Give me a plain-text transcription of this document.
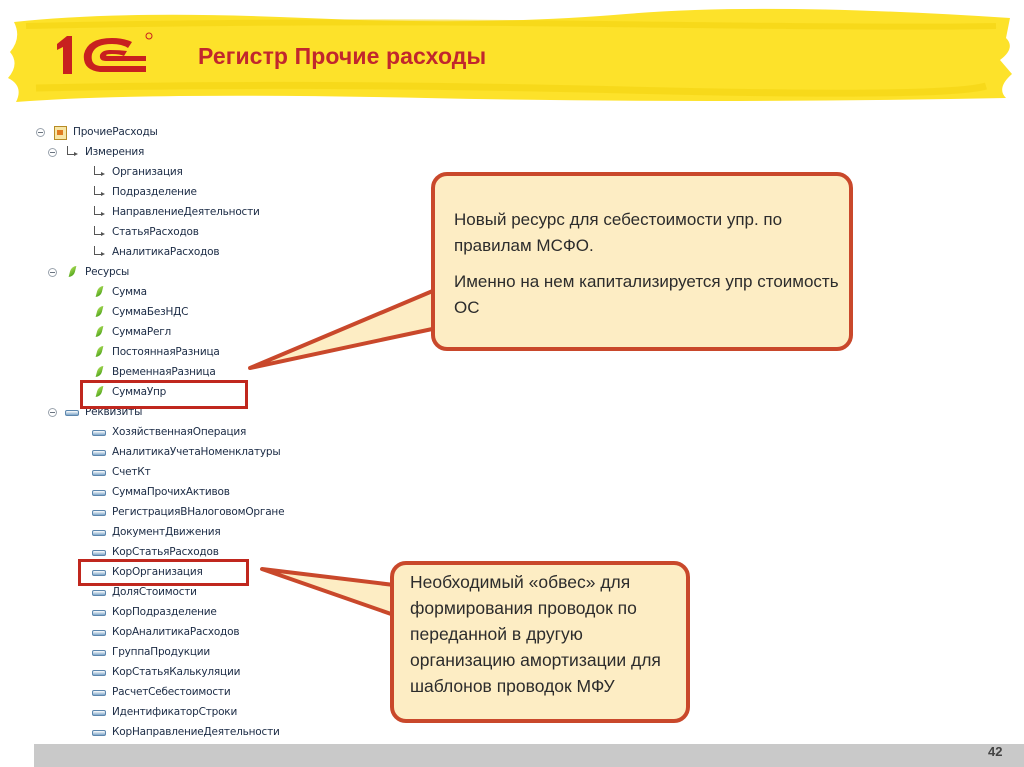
Регистр Прочие расходы
ПрочиеРасходы
Измерения
Организация
Подразделение
НаправлениеДеятельности
СтатьяРасходов
АналитикаРасходов
Ресурсы
Сумма
СуммаБезНДС
СуммаРегл
ПостояннаяРазница
ВременнаяРазница
СуммаУпр
Реквизиты
ХозяйственнаяОперация
АналитикаУчетаНоменклатуры
СчетКт
СуммаПрочихАктивов
РегистрацияВНалоговомОргане
ДокументДвижения
КорСтатьяРасходов
КорОрганизация
ДоляСтоимости
КорПодразделение
КорАналитикаРасходов
ГруппаПродукции
КорСтатьяКалькуляции
РасчетСебестоимости
ИдентификаторСтроки
КорНаправлениеДеятельности

Новый ресурс для себестоимости упр. по правилам МСФО.

Именно на нем капитализируется упр стоимость ОС

Необходимый «обвес» для формирования проводок по переданной в другую организацию амортизации для шаблонов проводок МФУ

42
